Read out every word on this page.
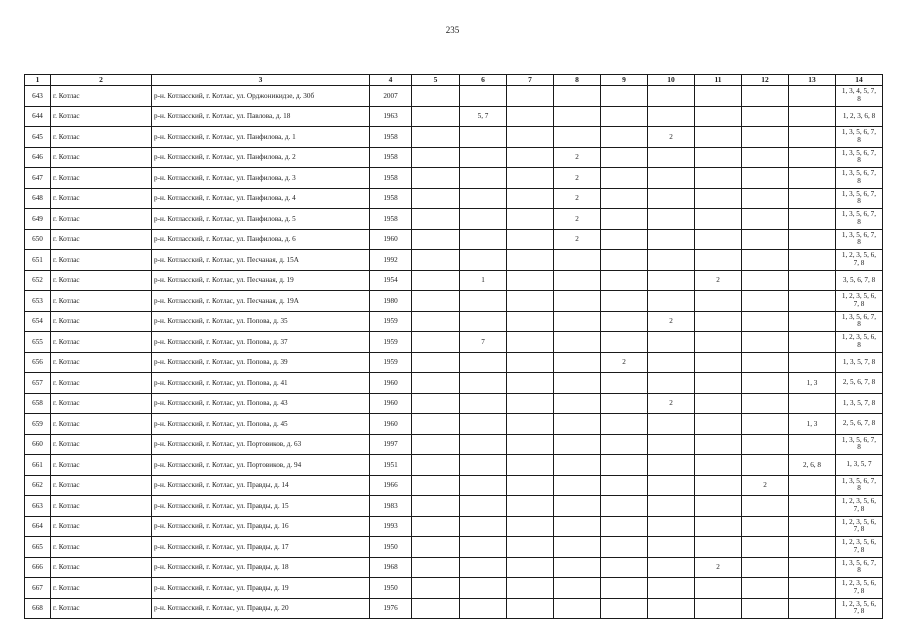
235
1	2	3	4	5	6	7	8	9	10	11	12	13	14
643	г. Котлас	р-н. Котласский, г. Котлас, ул. Орджоникидзе, д. 30б	2007										1, 3, 4, 5, 7,
8
644	г. Котлас	р-н. Котласский, г. Котлас, ул. Павлова, д. 18	1963		5, 7								1, 2, 3, 6, 8
645	г. Котлас	р-н. Котласский, г. Котлас, ул. Панфилова, д. 1	1958						2				1, 3, 5, 6, 7,
8
646	г. Котлас	р-н. Котласский, г. Котлас, ул. Панфилова, д. 2	1958				2						1, 3, 5, 6, 7,
8
647	г. Котлас	р-н. Котласский, г. Котлас, ул. Панфилова, д. 3	1958				2						1, 3, 5, 6, 7,
8
648	г. Котлас	р-н. Котласский, г. Котлас, ул. Панфилова, д. 4	1958				2						1, 3, 5, 6, 7,
8
649	г. Котлас	р-н. Котласский, г. Котлас, ул. Панфилова, д. 5	1958				2						1, 3, 5, 6, 7,
8
650	г. Котлас	р-н. Котласский, г. Котлас, ул. Панфилова, д. 6	1960				2						1, 3, 5, 6, 7,
8
651	г. Котлас	р-н. Котласский, г. Котлас, ул. Песчаная, д. 15А	1992										1, 2, 3, 5, 6,
7, 8
652	г. Котлас	р-н. Котласский, г. Котлас, ул. Песчаная, д. 19	1954		1					2			3, 5, 6, 7, 8
653	г. Котлас	р-н. Котласский, г. Котлас, ул. Песчаная, д. 19А	1980										1, 2, 3, 5, 6,
7, 8
654	г. Котлас	р-н. Котласский, г. Котлас, ул. Попова, д. 35	1959						2				1, 3, 5, 6, 7,
8
655	г. Котлас	р-н. Котласский, г. Котлас, ул. Попова, д. 37	1959		7								1, 2, 3, 5, 6,
8
656	г. Котлас	р-н. Котласский, г. Котлас, ул. Попова, д. 39	1959					2					1, 3, 5, 7, 8
657	г. Котлас	р-н. Котласский, г. Котлас, ул. Попова, д. 41	1960									1, 3	2, 5, 6, 7, 8
658	г. Котлас	р-н. Котласский, г. Котлас, ул. Попова, д. 43	1960						2				1, 3, 5, 7, 8
659	г. Котлас	р-н. Котласский, г. Котлас, ул. Попова, д. 45	1960									1, 3	2, 5, 6, 7, 8
660	г. Котлас	р-н. Котласский, г. Котлас, ул. Портовиков, д. 63	1997										1, 3, 5, 6, 7,
8
661	г. Котлас	р-н. Котласский, г. Котлас, ул. Портовиков, д. 94	1951									2, 6, 8	1, 3, 5, 7
662	г. Котлас	р-н. Котласский, г. Котлас, ул. Правды, д. 14	1966								2		1, 3, 5, 6, 7,
8
663	г. Котлас	р-н. Котласский, г. Котлас, ул. Правды, д. 15	1983										1, 2, 3, 5, 6,
7, 8
664	г. Котлас	р-н. Котласский, г. Котлас, ул. Правды, д. 16	1993										1, 2, 3, 5, 6,
7, 8
665	г. Котлас	р-н. Котласский, г. Котлас, ул. Правды, д. 17	1950										1, 2, 3, 5, 6,
7, 8
666	г. Котлас	р-н. Котласский, г. Котлас, ул. Правды, д. 18	1968							2			1, 3, 5, 6, 7,
8
667	г. Котлас	р-н. Котласский, г. Котлас, ул. Правды, д. 19	1950										1, 2, 3, 5, 6,
7, 8
668	г. Котлас	р-н. Котласский, г. Котлас, ул. Правды, д. 20	1976										1, 2, 3, 5, 6,
7, 8
